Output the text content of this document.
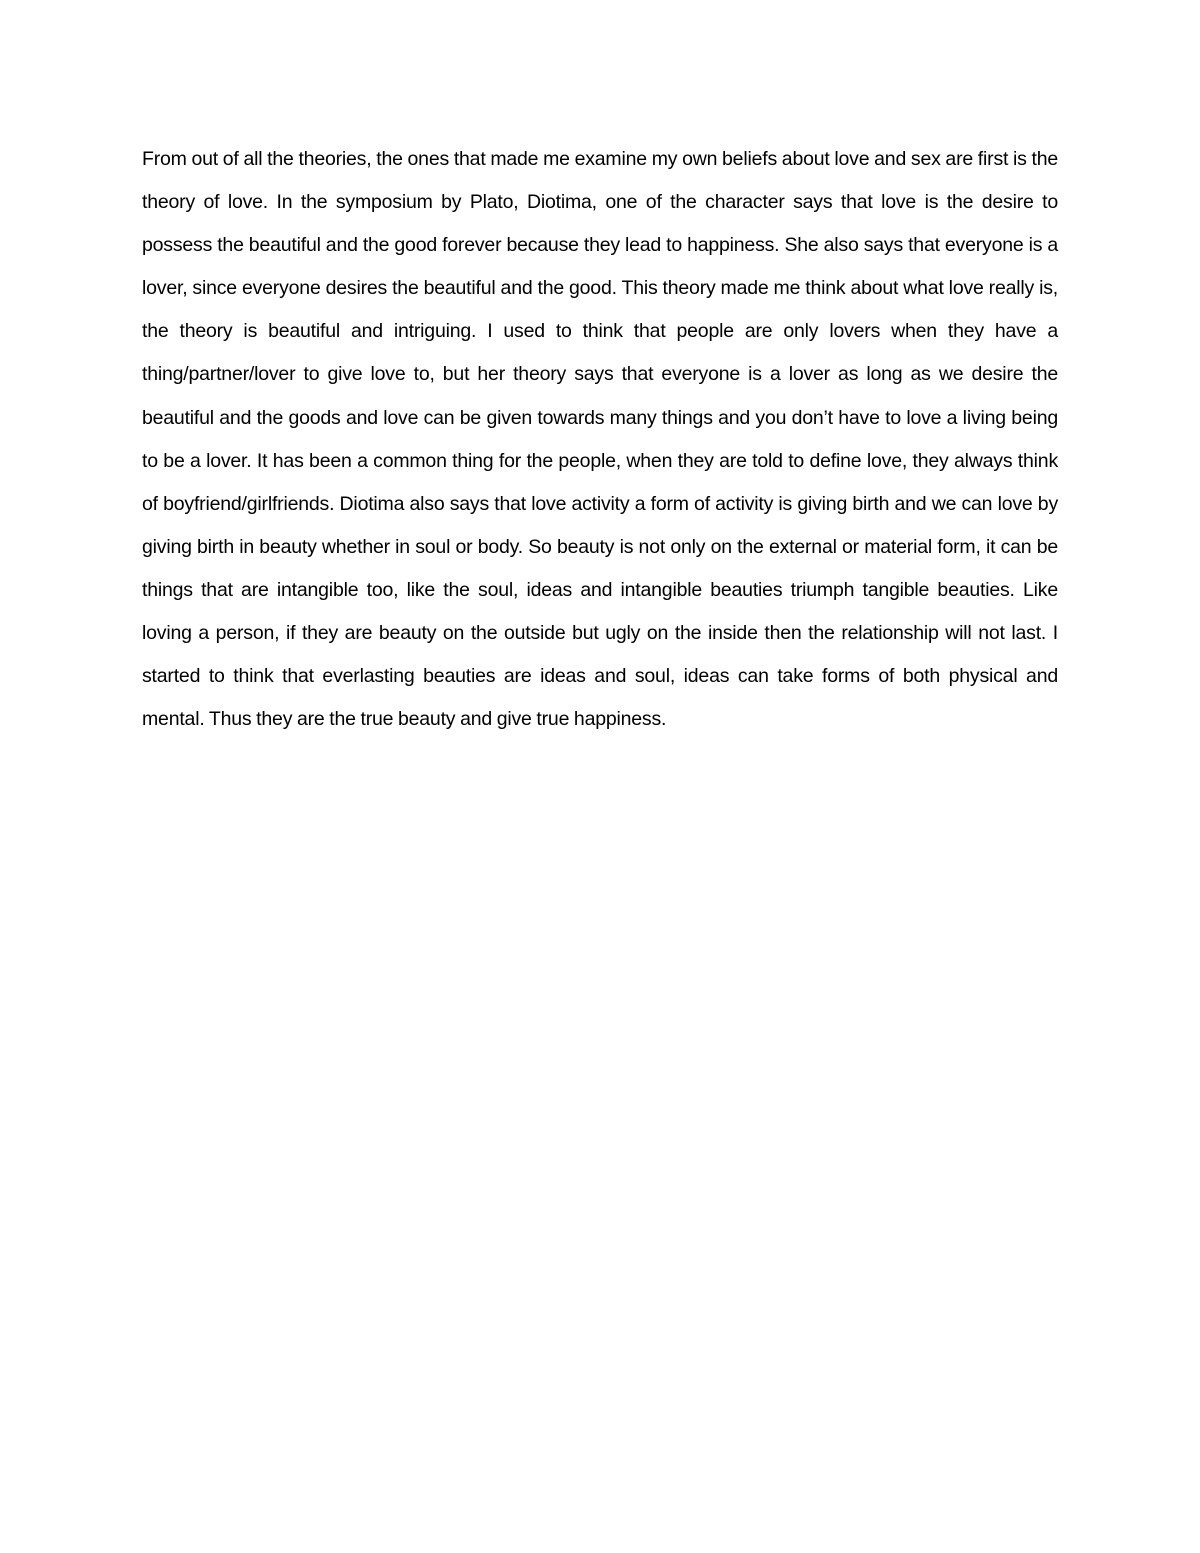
From out of all the theories, the ones that made me examine my own beliefs about love and sex are first is the theory of love. In the symposium by Plato, Diotima, one of the character says that love is the desire to possess the beautiful and the good forever because they lead to happiness. She also says that everyone is a lover, since everyone desires the beautiful and the good. This theory made me think about what love really is, the theory is beautiful and intriguing. I used to think that people are only lovers when they have a thing/partner/lover to give love to, but her theory says that everyone is a lover as long as we desire the beautiful and the goods and love can be given towards many things and you don’t have to love a living being to be a lover. It has been a common thing for the people, when they are told to define love, they always think of boyfriend/girlfriends. Diotima also says that love activity a form of activity is giving birth and we can love by giving birth in beauty whether in soul or body. So beauty is not only on the external or material form, it can be things that are intangible too, like the soul, ideas and intangible beauties triumph tangible beauties. Like loving a person, if they are beauty on the outside but ugly on the inside then the relationship will not last. I started to think that everlasting beauties are ideas and soul, ideas can take forms of both physical and mental. Thus they are the true beauty and give true happiness.
